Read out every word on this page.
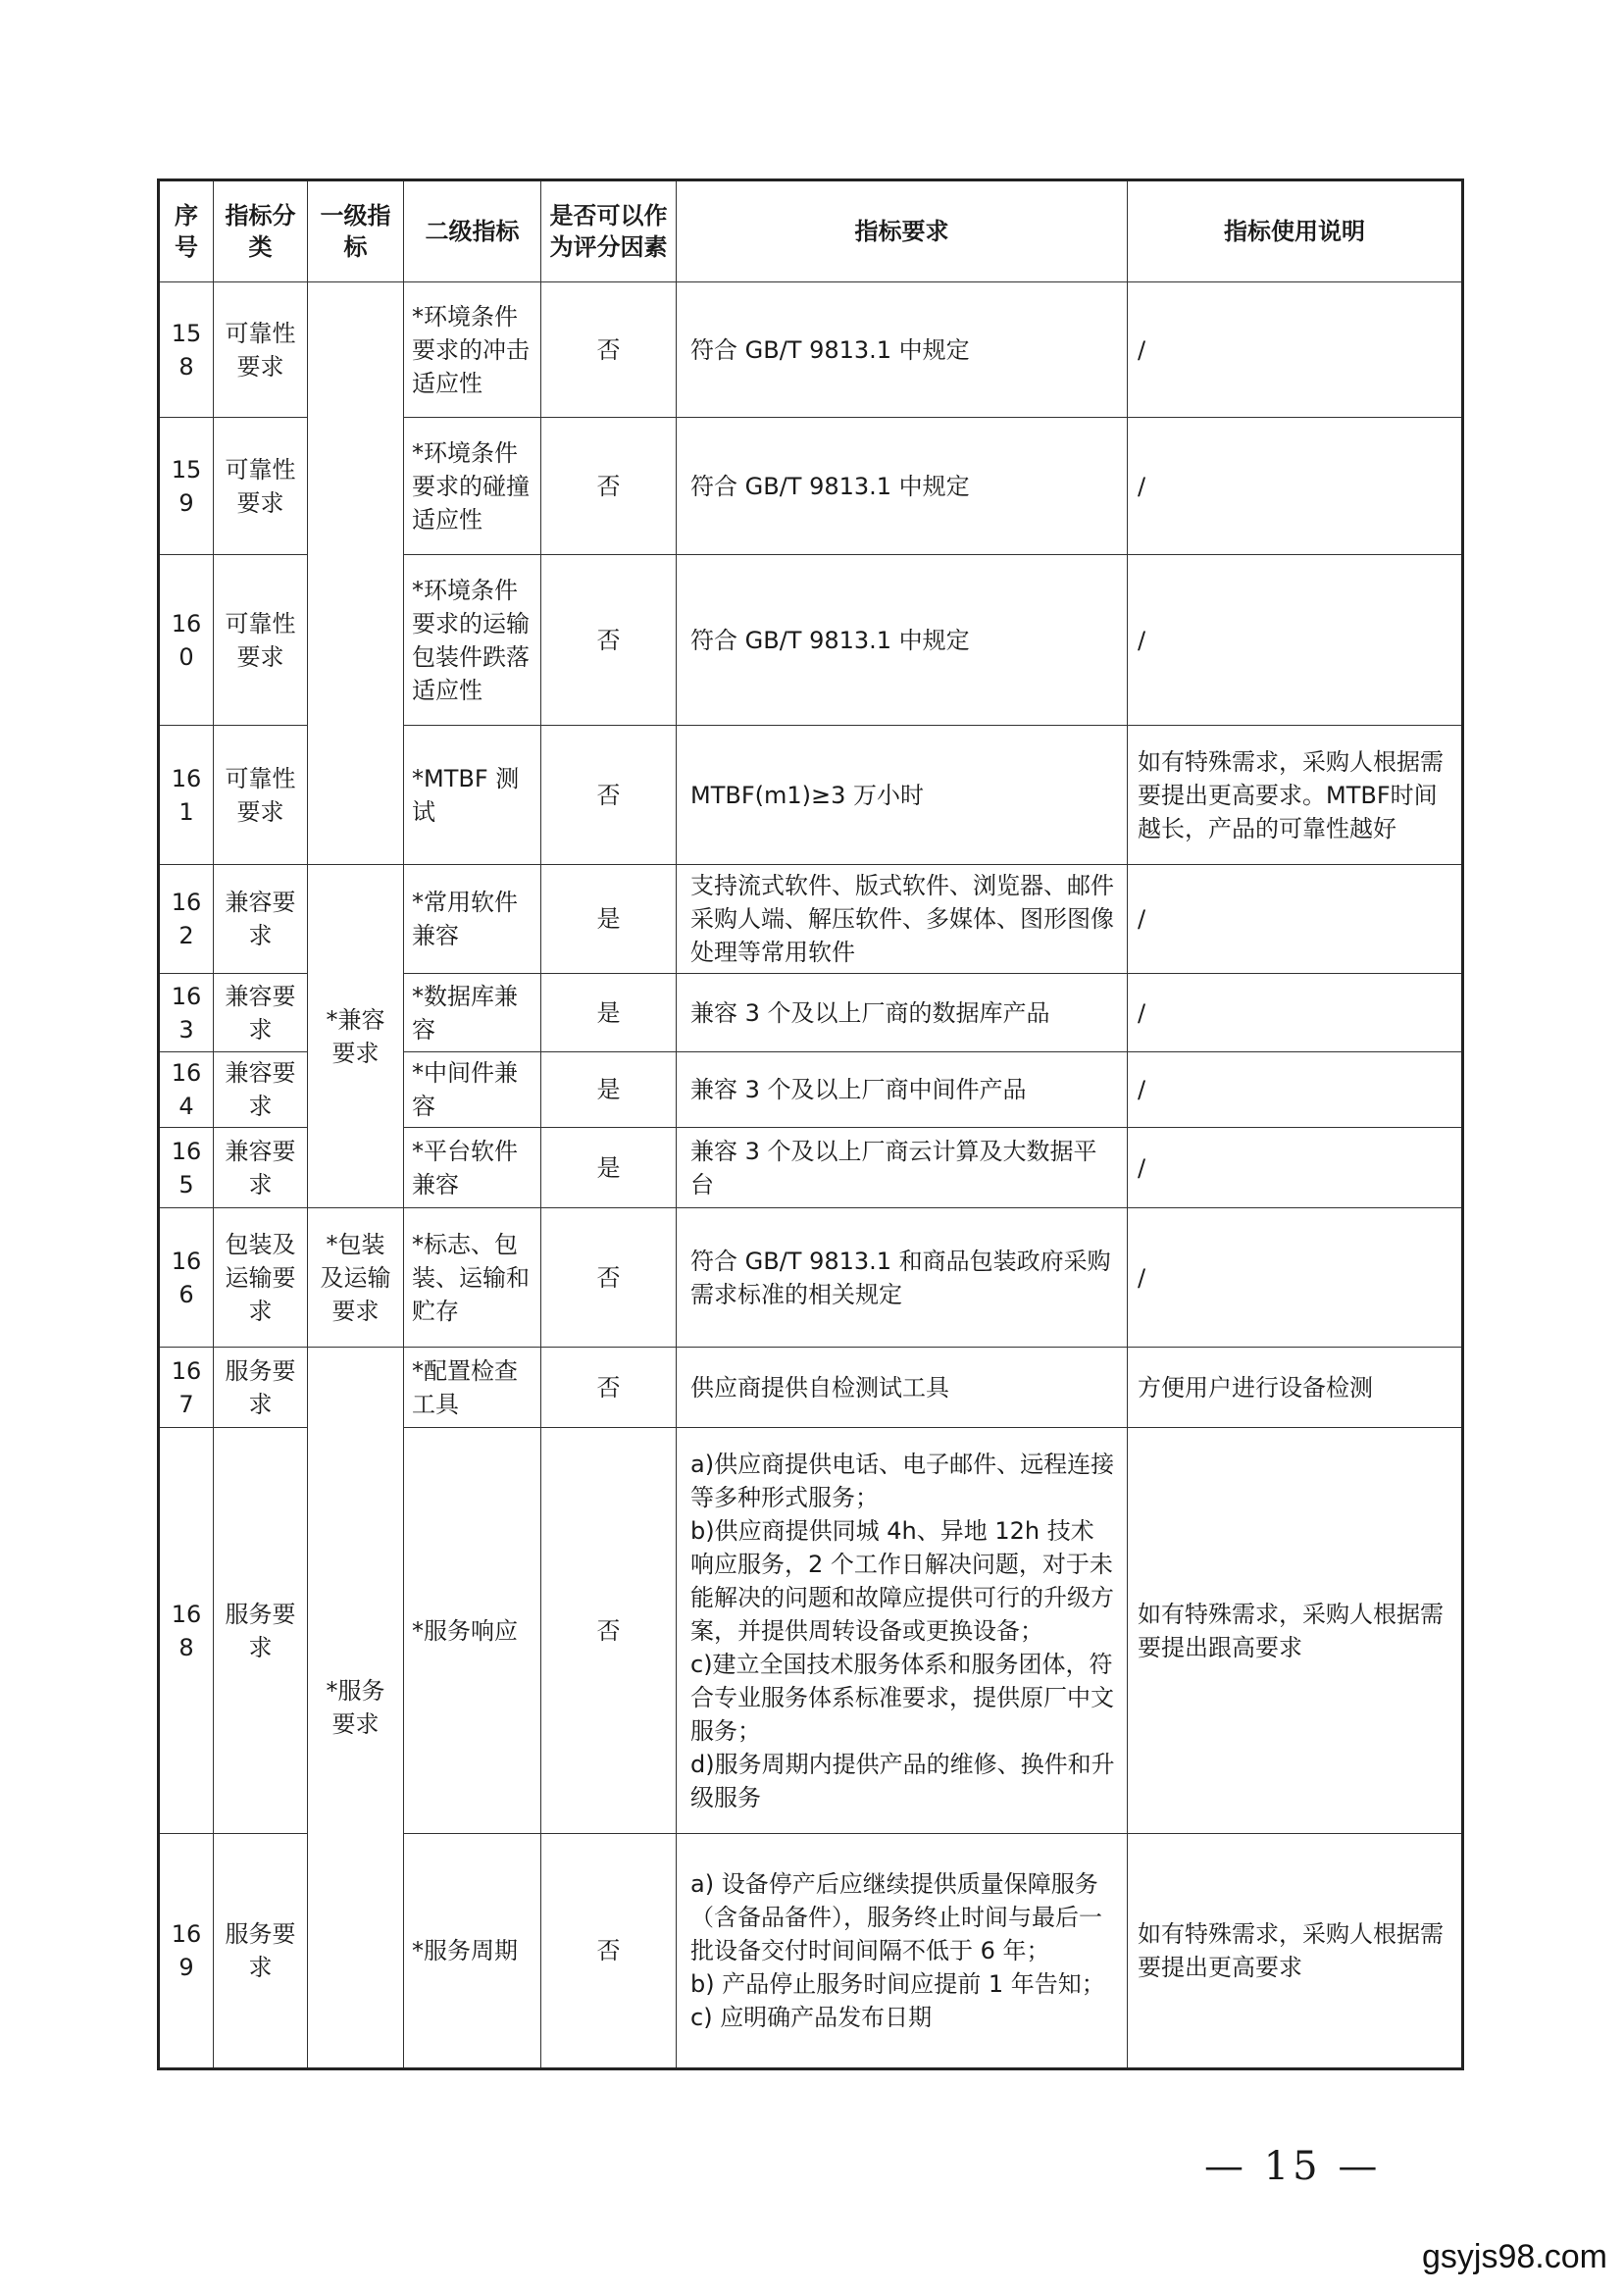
序号	指标分类	一级指标	二级指标	是否可以作为评分因素	指标要求	指标使用说明
158	可靠性要求		*环境条件要求的冲击适应性	否	符合 GB/T 9813.1 中规定	/
159	可靠性要求		*环境条件要求的碰撞适应性	否	符合 GB/T 9813.1 中规定	/
160	可靠性要求		*环境条件要求的运输包装件跌落适应性	否	符合 GB/T 9813.1 中规定	/
161	可靠性要求		*MTBF 测试	否	MTBF(m1)≥3 万小时	如有特殊需求，采购人根据需要提出更高要求。MTBF时间越长，产品的可靠性越好
162	兼容要求	*兼容要求	*常用软件兼容	是	支持流式软件、版式软件、浏览器、邮件采购人端、解压软件、多媒体、图形图像处理等常用软件	/
163	兼容要求		*数据库兼容	是	兼容 3 个及以上厂商的数据库产品	/
164	兼容要求		*中间件兼容	是	兼容 3 个及以上厂商中间件产品	/
165	兼容要求		*平台软件兼容	是	兼容 3 个及以上厂商云计算及大数据平台	/
166	包装及运输要求	*包装及运输要求	*标志、包装、运输和贮存	否	符合 GB/T 9813.1 和商品包装政府采购需求标准的相关规定	/
167	服务要求	*服务要求	*配置检查工具	否	供应商提供自检测试工具	方便用户进行设备检测
168	服务要求		*服务响应	否	a)供应商提供电话、电子邮件、远程连接等多种形式服务；
b)供应商提供同城 4h、异地 12h 技术响应服务，2 个工作日解决问题，对于未能解决的问题和故障应提供可行的升级方案，并提供周转设备或更换设备；
c)建立全国技术服务体系和服务团体，符合专业服务体系标准要求，提供原厂中文服务；
d)服务周期内提供产品的维修、换件和升级服务	如有特殊需求，采购人根据需要提出跟高要求
169	服务要求		*服务周期	否	a) 设备停产后应继续提供质量保障服务（含备品备件），服务终止时间与最后一批设备交付时间间隔不低于 6 年；
b) 产品停止服务时间应提前 1 年告知；
c) 应明确产品发布日期	如有特殊需求，采购人根据需要提出更高要求
— 15 —
gsyjs98.com
